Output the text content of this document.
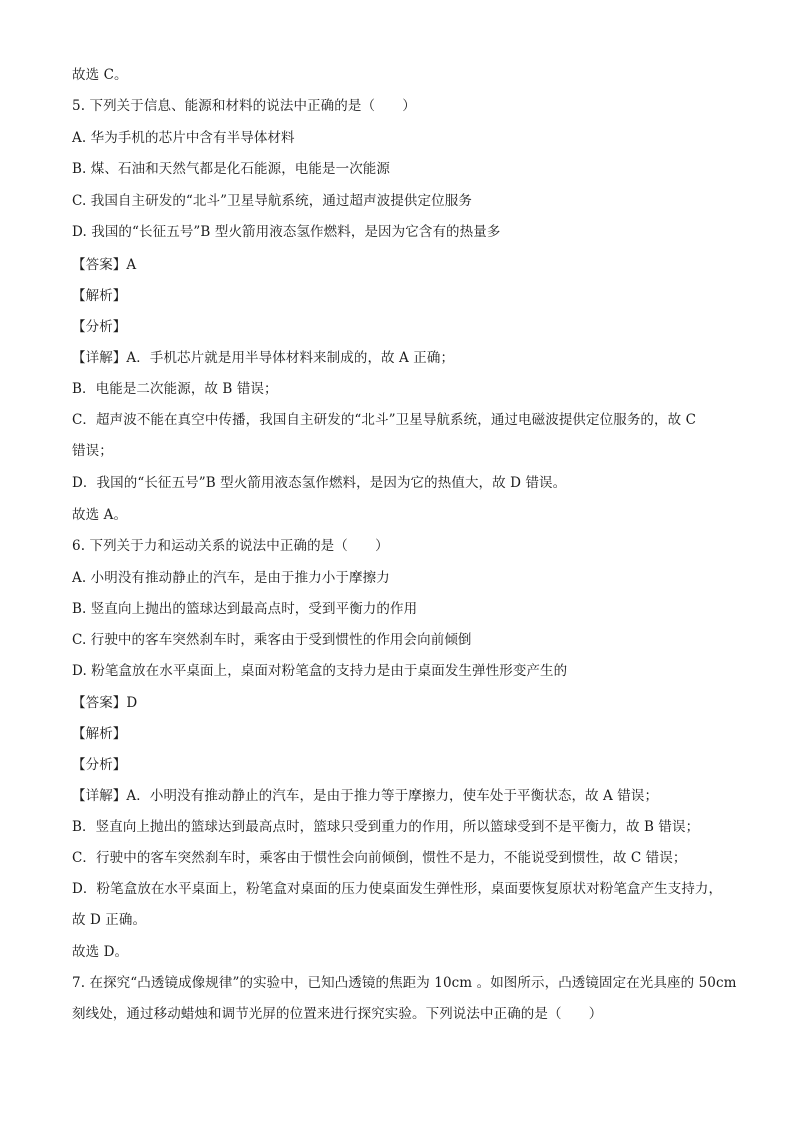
故选 C。
5. 下列关于信息、能源和材料的说法中正确的是（　　）
A. 华为手机的芯片中含有半导体材料
B. 煤、石油和天然气都是化石能源，电能是一次能源
C. 我国自主研发的“北斗”卫星导航系统，通过超声波提供定位服务
D. 我国的“长征五号”B 型火箭用液态氢作燃料，是因为它含有的热量多
【答案】A
【解析】
【分析】
【详解】A．手机芯片就是用半导体材料来制成的，故 A 正确；
B．电能是二次能源，故 B 错误；
C．超声波不能在真空中传播，我国自主研发的“北斗”卫星导航系统，通过电磁波提供定位服务的，故 C
错误；
D．我国的“长征五号”B 型火箭用液态氢作燃料，是因为它的热值大，故 D 错误。
故选 A。
6. 下列关于力和运动关系的说法中正确的是（　　）
A. 小明没有推动静止的汽车，是由于推力小于摩擦力
B. 竖直向上抛出的篮球达到最高点时，受到平衡力的作用
C. 行驶中的客车突然刹车时，乘客由于受到惯性的作用会向前倾倒
D. 粉笔盒放在水平桌面上，桌面对粉笔盒的支持力是由于桌面发生弹性形变产生的
【答案】D
【解析】
【分析】
【详解】A．小明没有推动静止的汽车，是由于推力等于摩擦力，使车处于平衡状态，故 A 错误；
B．竖直向上抛出的篮球达到最高点时，篮球只受到重力的作用，所以篮球受到不是平衡力，故 B 错误；
C．行驶中的客车突然刹车时，乘客由于惯性会向前倾倒，惯性不是力，不能说受到惯性，故 C 错误；
D．粉笔盒放在水平桌面上，粉笔盒对桌面的压力使桌面发生弹性形，桌面要恢复原状对粉笔盒产生支持力，
故 D 正确。
故选 D。
7. 在探究“凸透镜成像规律”的实验中，已知凸透镜的焦距为 10cm 。如图所示，凸透镜固定在光具座的 50cm
刻线处，通过移动蜡烛和调节光屏的位置来进行探究实验。下列说法中正确的是（　　）
